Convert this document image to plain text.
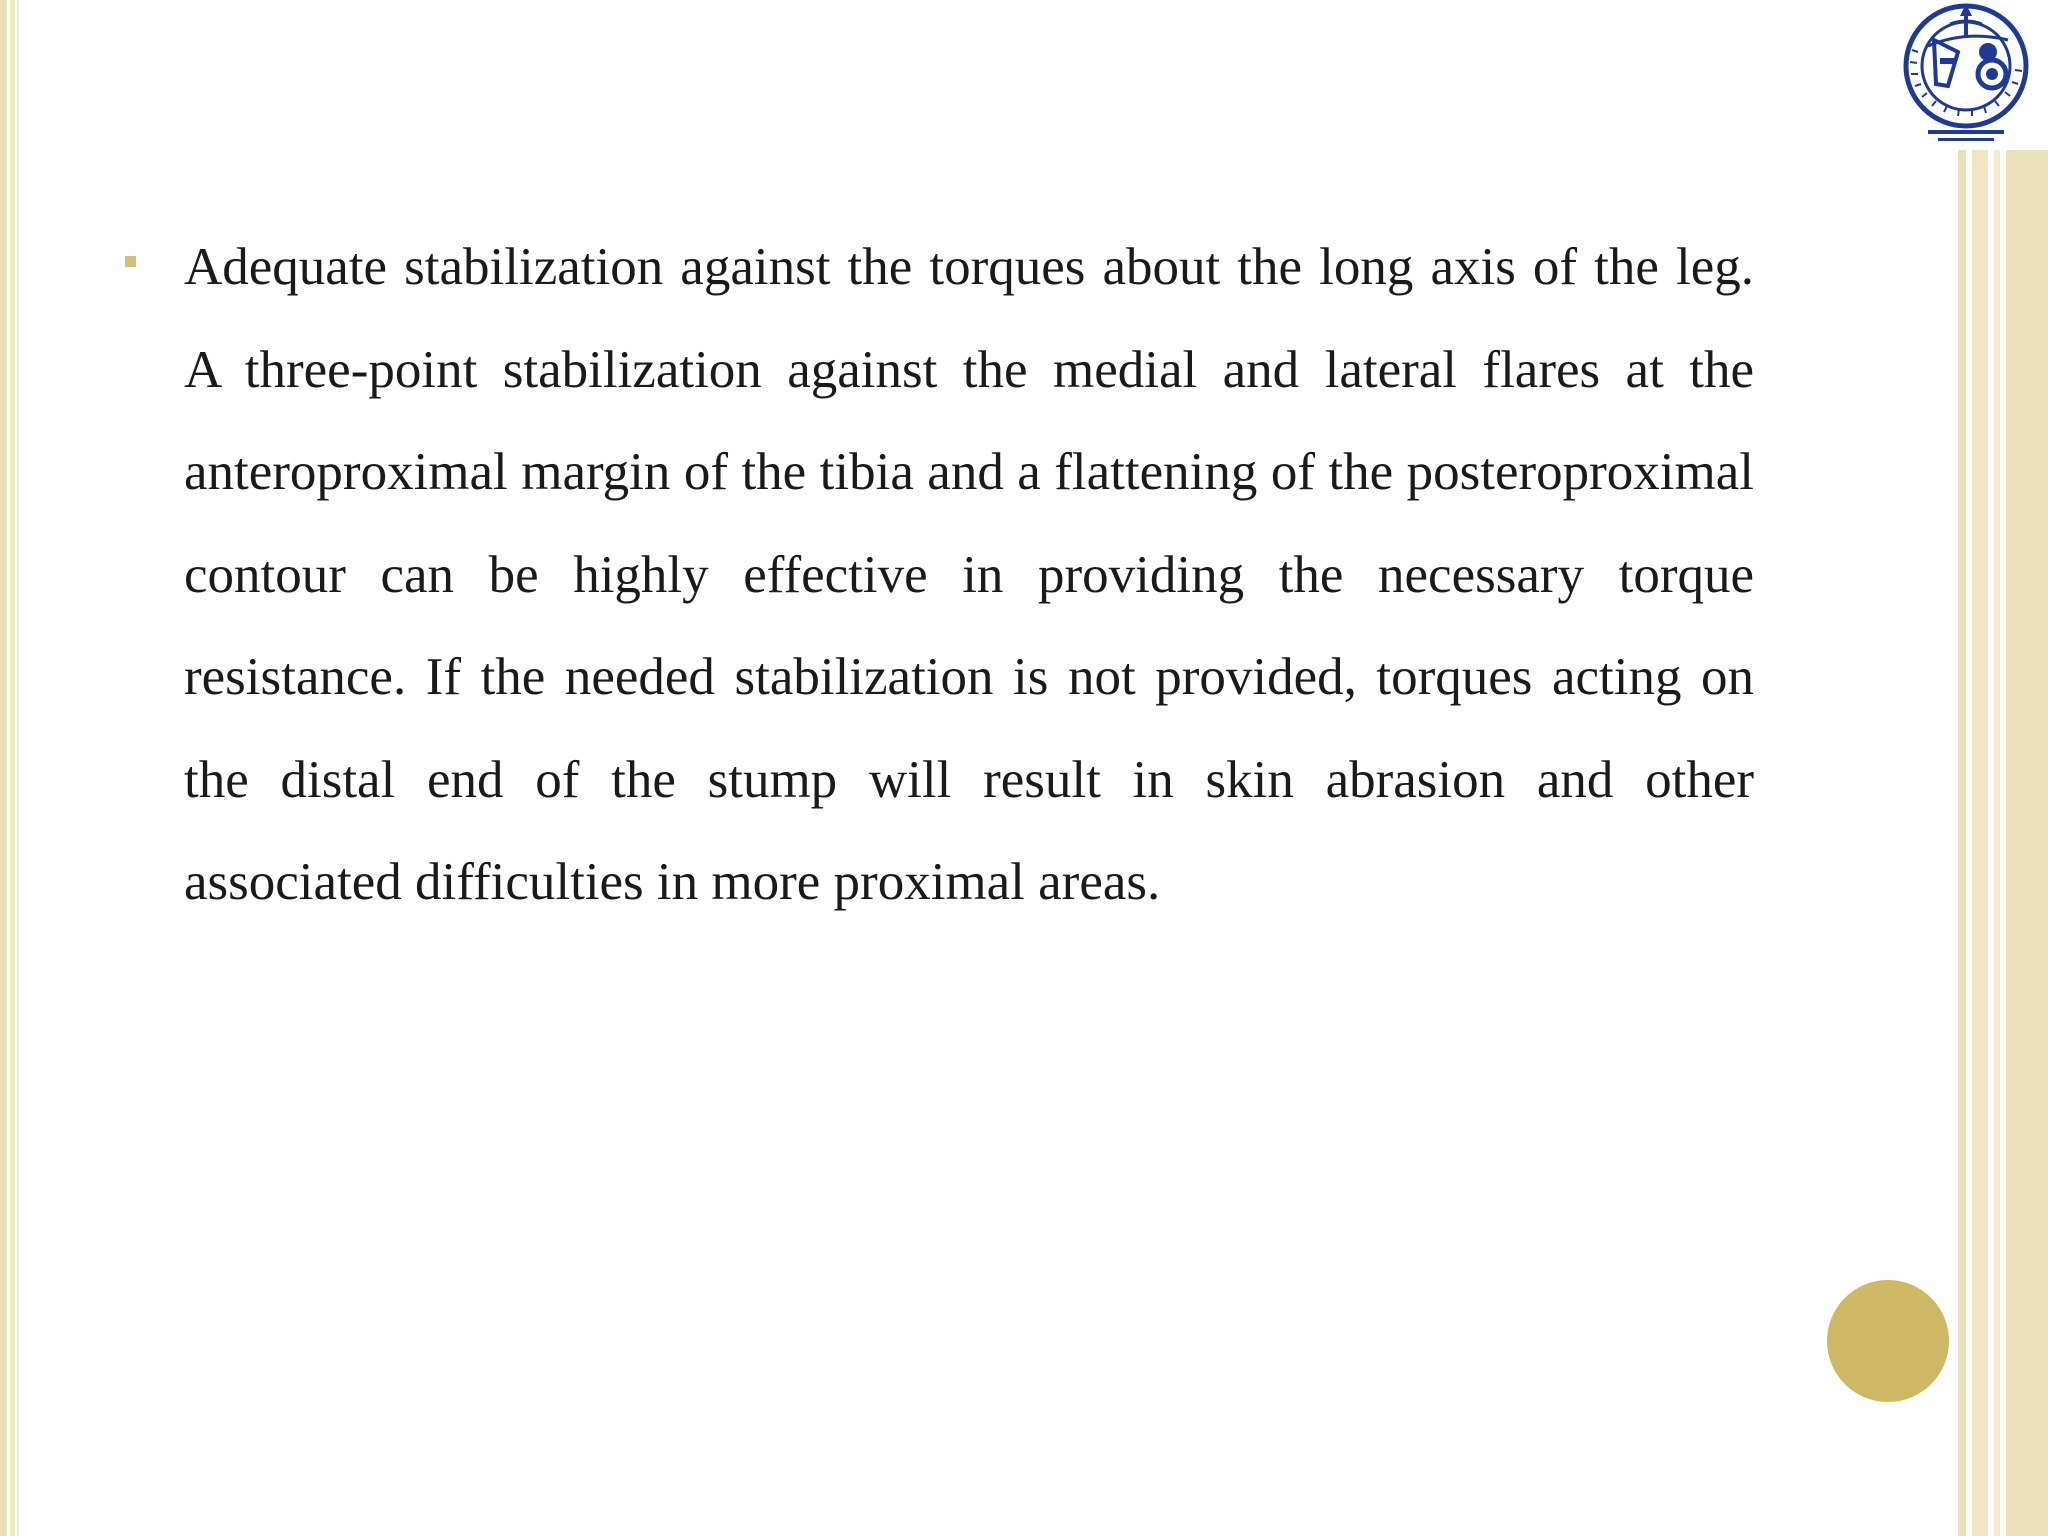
Adequate stabilization against the torques about the long axis of the leg. A three-point stabilization against the medial and lateral flares at the anteroproximal margin of the tibia and a flattening of the posteroproximal contour can be highly effective in providing the necessary torque resistance. If the needed stabilization is not provided, torques acting on the distal end of the stump will result in skin abrasion and other associated difficulties in more proximal areas.
